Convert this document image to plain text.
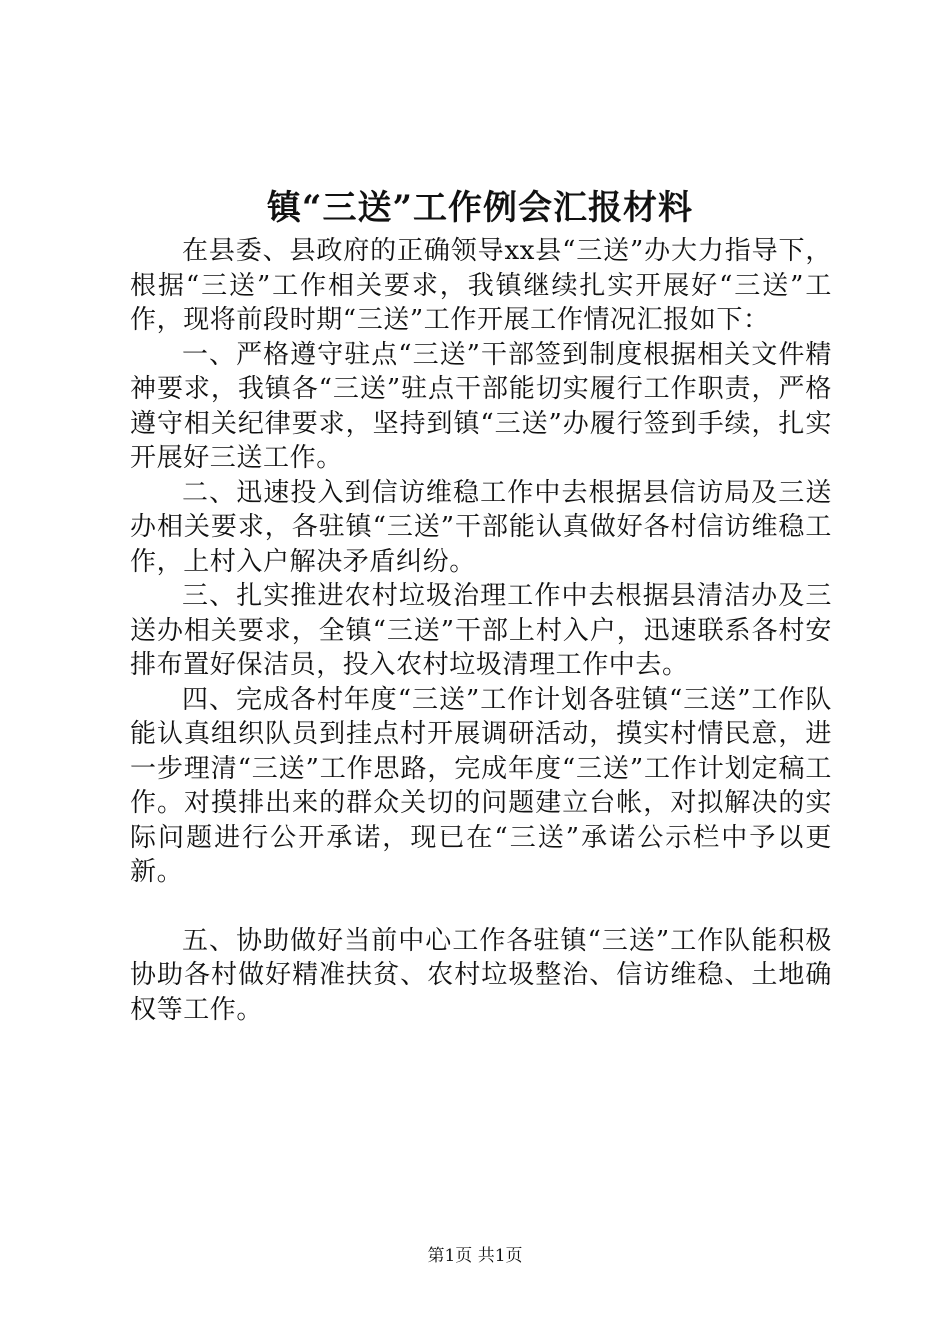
镇“三送”工作例会汇报材料

在县委、县政府的正确领导xx县“三送”办大力指导下，根据“三送”工作相关要求，我镇继续扎实开展好“三送”工作，现将前段时期“三送”工作开展工作情况汇报如下：

一、严格遵守驻点“三送”干部签到制度根据相关文件精神要求，我镇各“三送”驻点干部能切实履行工作职责，严格遵守相关纪律要求，坚持到镇“三送”办履行签到手续，扎实开展好三送工作。

二、迅速投入到信访维稳工作中去根据县信访局及三送办相关要求，各驻镇“三送”干部能认真做好各村信访维稳工作，上村入户解决矛盾纠纷。

三、扎实推进农村垃圾治理工作中去根据县清洁办及三送办相关要求，全镇“三送”干部上村入户，迅速联系各村安排布置好保洁员，投入农村垃圾清理工作中去。

四、完成各村年度“三送”工作计划各驻镇“三送”工作队能认真组织队员到挂点村开展调研活动，摸实村情民意，进一步理清“三送”工作思路，完成年度“三送”工作计划定稿工作。对摸排出来的群众关切的问题建立台帐，对拟解决的实际问题进行公开承诺，现已在“三送”承诺公示栏中予以更新。

五、协助做好当前中心工作各驻镇“三送”工作队能积极协助各村做好精准扶贫、农村垃圾整治、信访维稳、土地确权等工作。

第1页 共1页
